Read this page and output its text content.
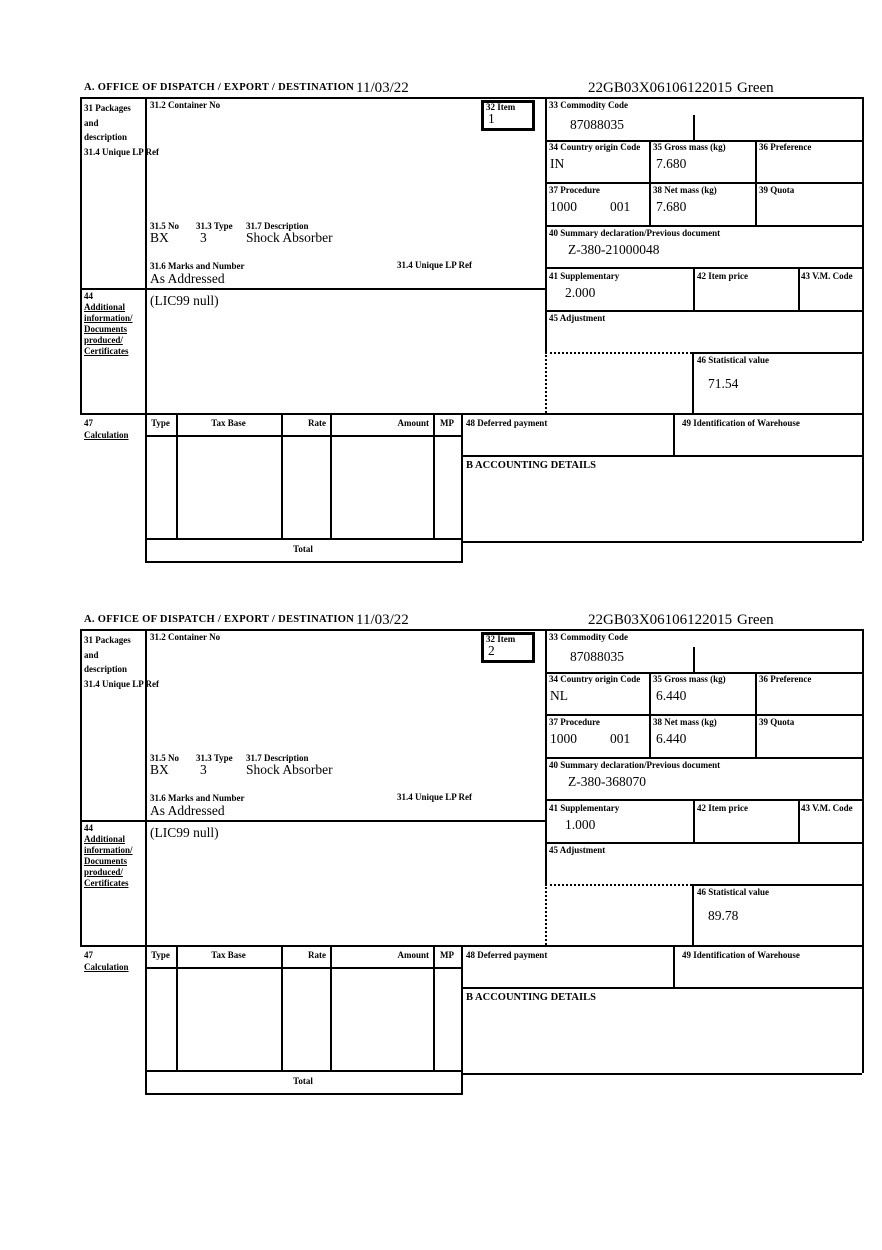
A. OFFICE OF DISPATCH / EXPORT / DESTINATION 11/03/22	22GB03X06106122015 Green
31 Packages
and
description
31.4 Unique LP Ref
31.2 Container No	32 Item
1
33 Commodity Code
87088035
34 Country origin Code
IN
35 Gross mass (kg)
7.680
36 Preference
37 Procedure
1000 001
38 Net mass (kg)
7.680
39 Quota
40 Summary declaration/Previous document
Z-380-21000048
41 Supplementary
2.000
42 Item price	43 V.M. Code
45 Adjustment
46 Statistical value
71.54
31.5 No 31.3 Type 31.7 Description
BX 3	Shock Absorber
31.6 Marks and Number	31.4 Unique LP Ref
As Addressed
44
Additional
information/
Documents
produced/
Certificates
(LIC99 null)
47
Calculation
Type	Tax Base	Rate	Amount	MP
Total
48 Deferred payment	49 Identification of Warehouse
B ACCOUNTING DETAILS
A. OFFICE OF DISPATCH / EXPORT / DESTINATION 11/03/22	22GB03X06106122015 Green
31 Packages
and
description
31.4 Unique LP Ref
31.2 Container No	32 Item
2
33 Commodity Code
87088035
34 Country origin Code
NL
35 Gross mass (kg)
6.440
36 Preference
37 Procedure
1000 001
38 Net mass (kg)
6.440
39 Quota
40 Summary declaration/Previous document
Z-380-368070
41 Supplementary
1.000
42 Item price	43 V.M. Code
45 Adjustment
46 Statistical value
89.78
31.5 No 31.3 Type 31.7 Description
BX 3	Shock Absorber
31.6 Marks and Number	31.4 Unique LP Ref
As Addressed
44
Additional
information/
Documents
produced/
Certificates
(LIC99 null)
47
Calculation
Type	Tax Base	Rate	Amount	MP
Total
48 Deferred payment	49 Identification of Warehouse
B ACCOUNTING DETAILS
